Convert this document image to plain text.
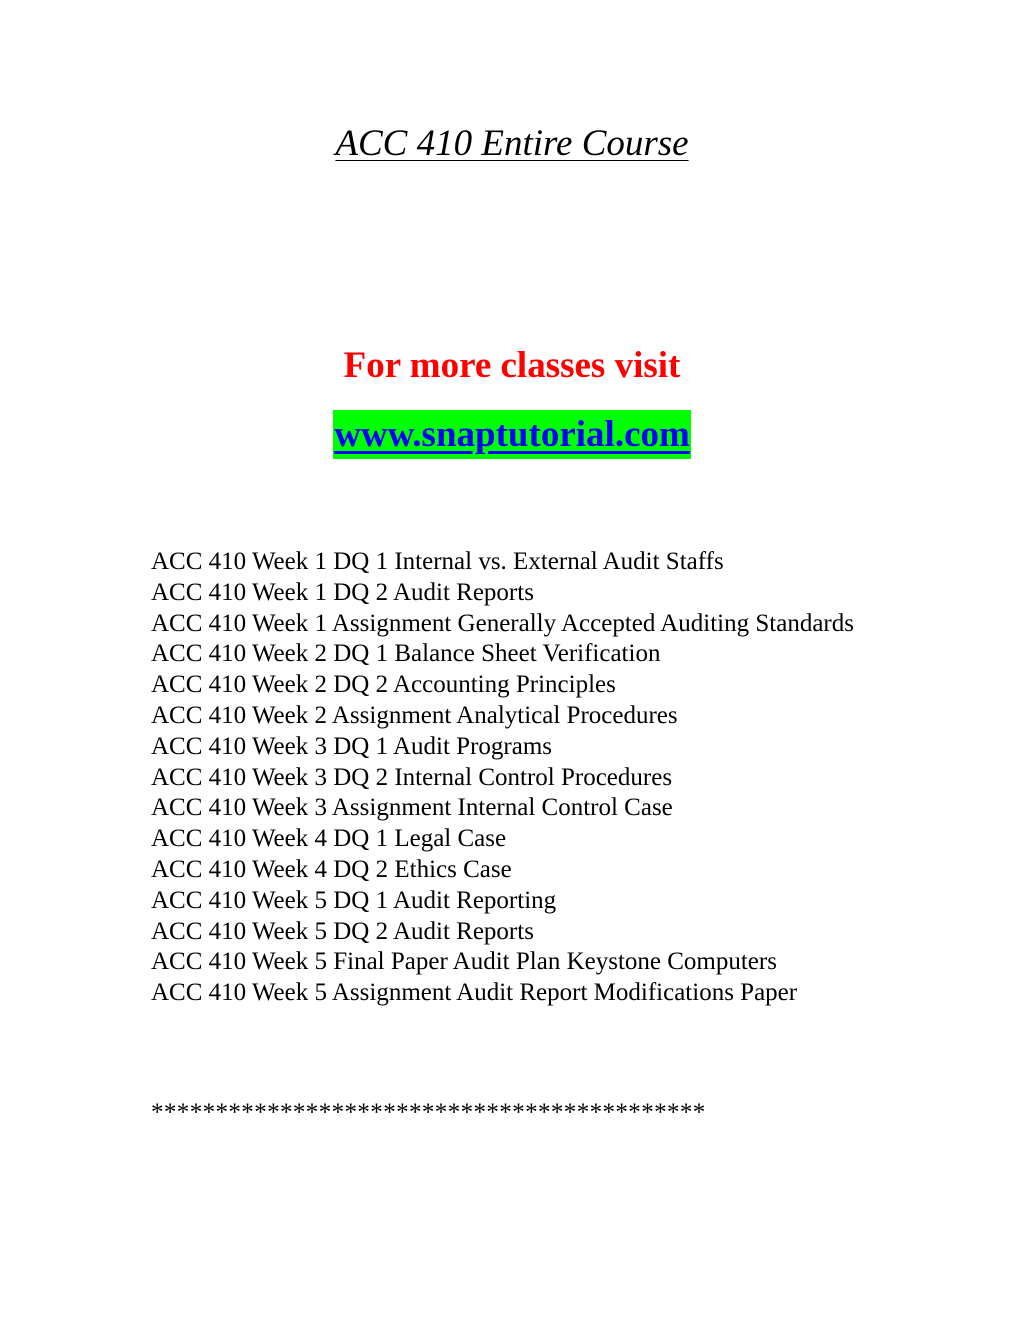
ACC 410 Entire Course
For more classes visit
www.snaptutorial.com
ACC 410 Week 1 DQ 1 Internal vs. External Audit Staffs
ACC 410 Week 1 DQ 2 Audit Reports
ACC 410 Week 1 Assignment Generally Accepted Auditing Standards
ACC 410 Week 2 DQ 1 Balance Sheet Verification
ACC 410 Week 2 DQ 2 Accounting Principles
ACC 410 Week 2 Assignment Analytical Procedures
ACC 410 Week 3 DQ 1 Audit Programs
ACC 410 Week 3 DQ 2 Internal Control Procedures
ACC 410 Week 3 Assignment Internal Control Case
ACC 410 Week 4 DQ 1 Legal Case
ACC 410 Week 4 DQ 2 Ethics Case
ACC 410 Week 5 DQ 1 Audit Reporting
ACC 410 Week 5 DQ 2 Audit Reports
ACC 410 Week 5 Final Paper Audit Plan Keystone Computers
ACC 410 Week 5 Assignment Audit Report Modifications Paper
*******************************************
